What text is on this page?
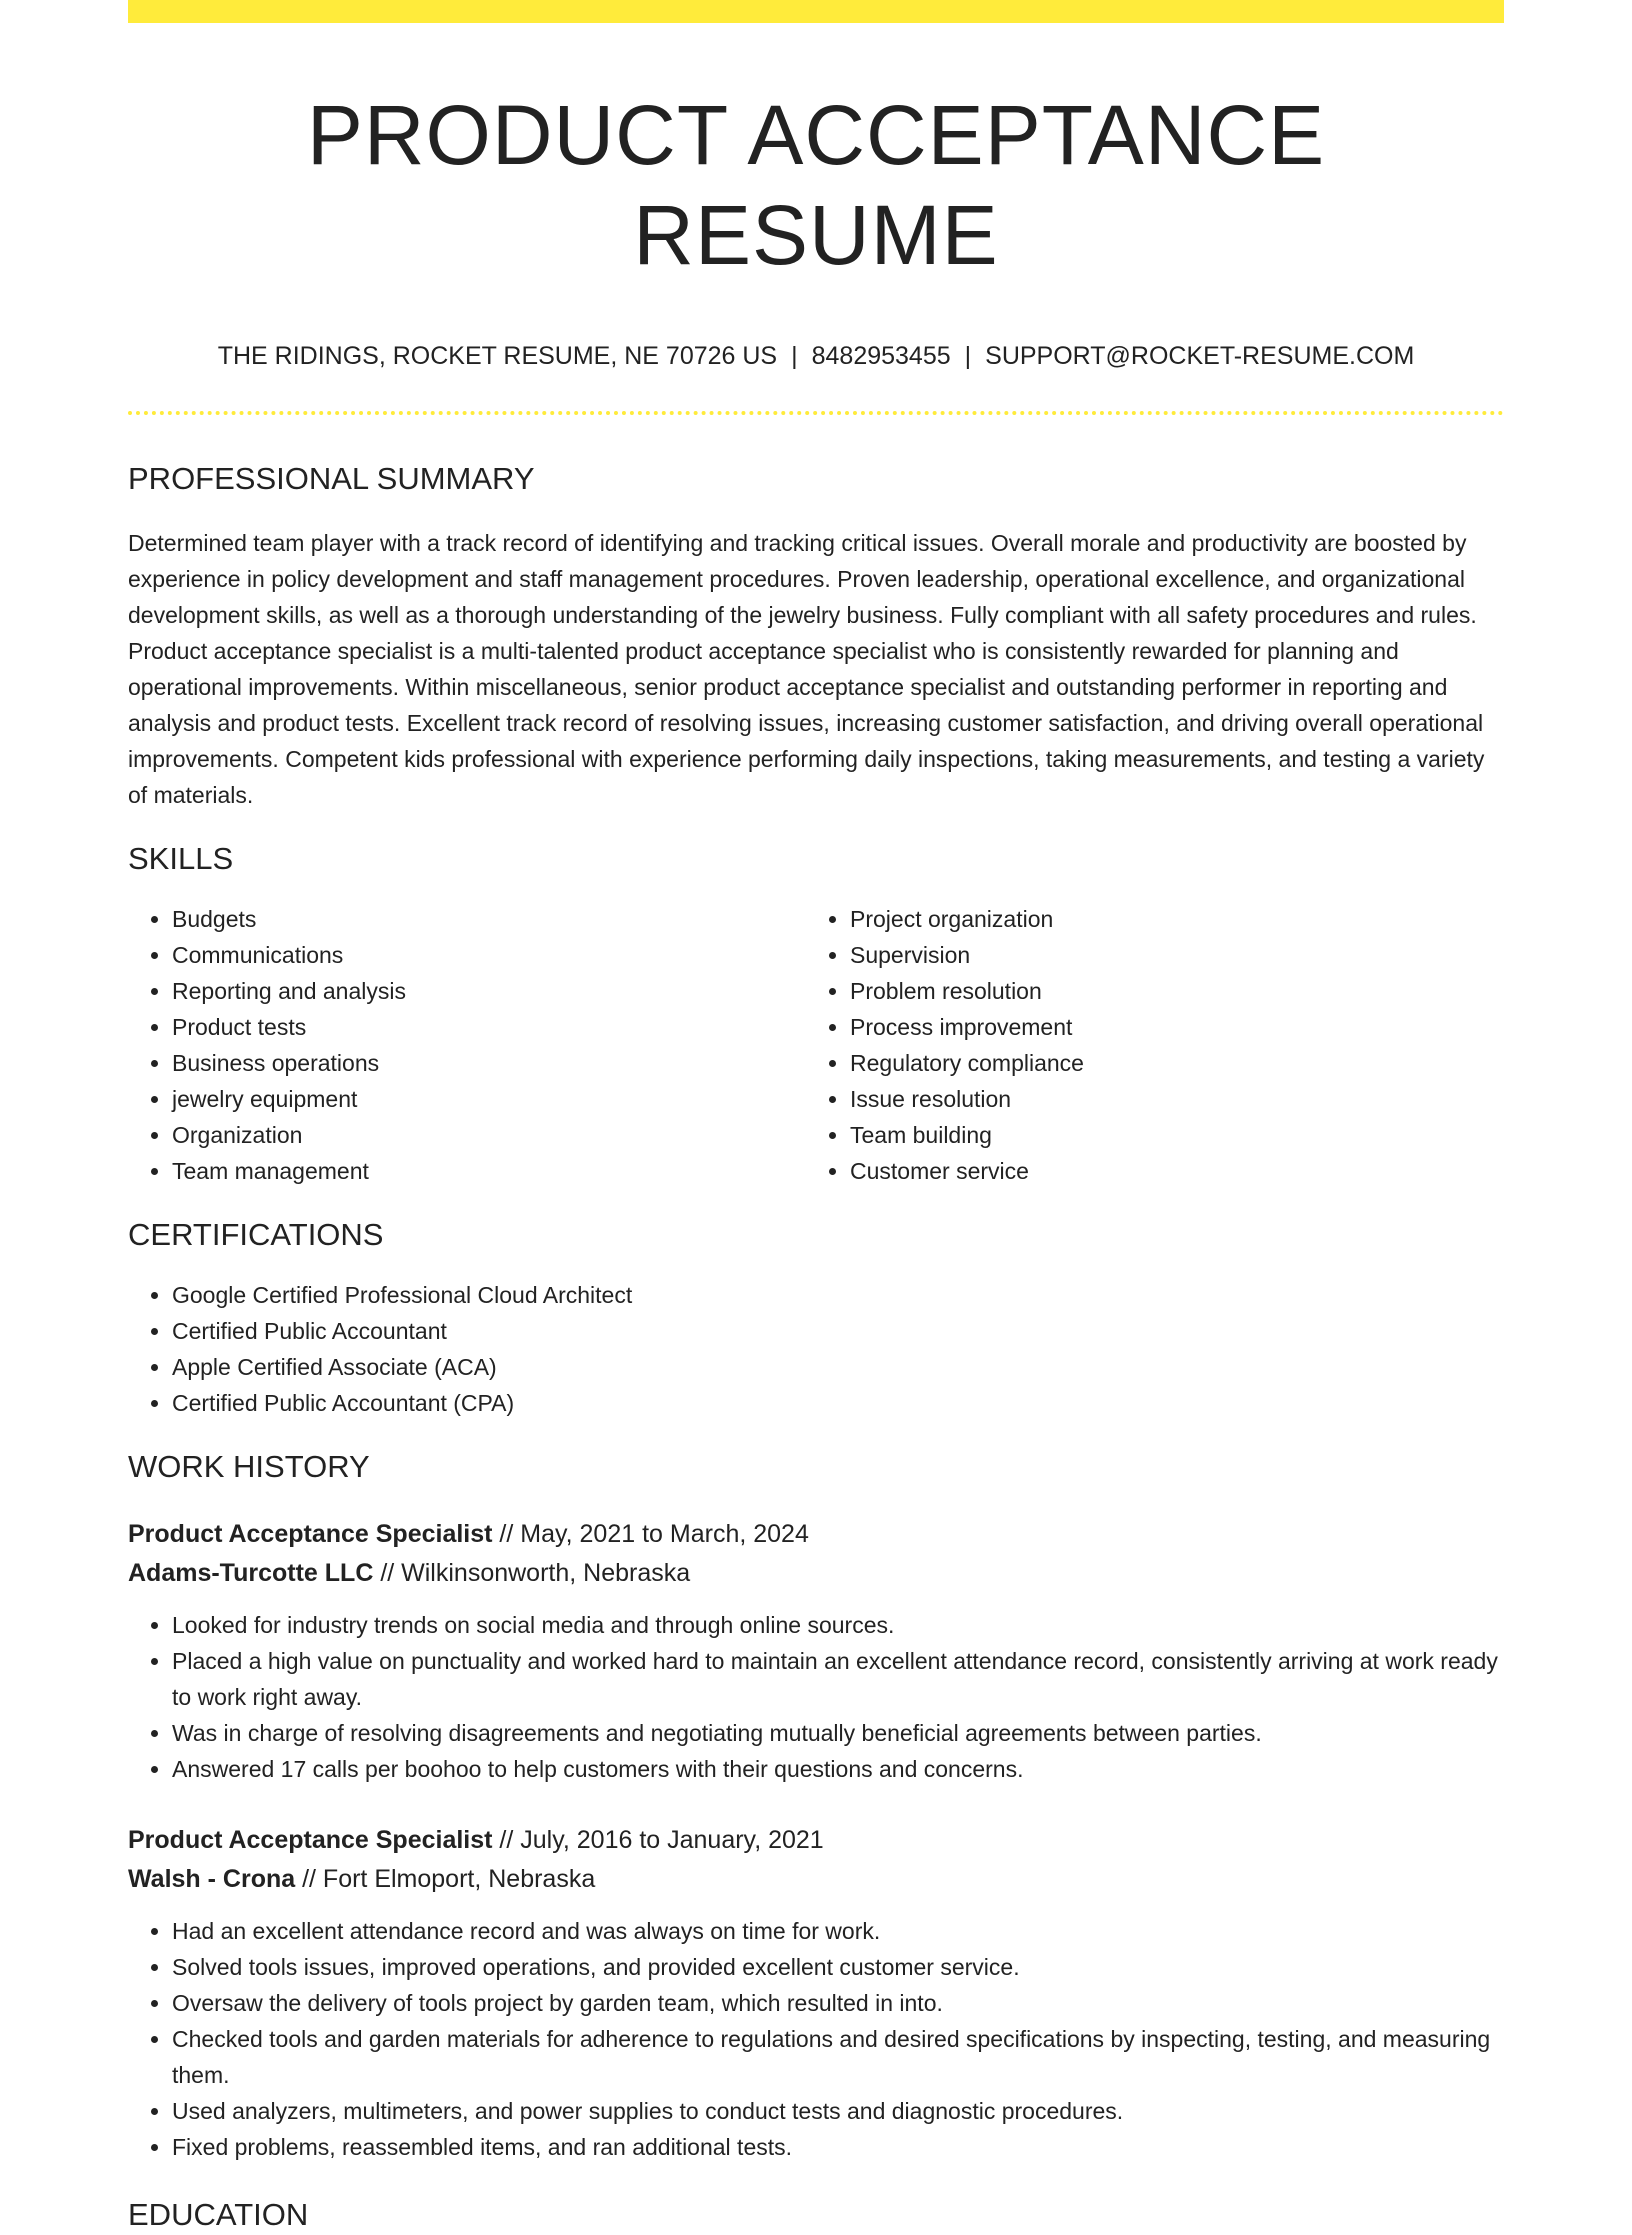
PRODUCT ACCEPTANCE RESUME
THE RIDINGS, ROCKET RESUME, NE 70726 US | 8482953455 | SUPPORT@ROCKET-RESUME.COM
PROFESSIONAL SUMMARY

Determined team player with a track record of identifying and tracking critical issues. Overall morale and productivity are boosted by experience in policy development and staff management procedures. Proven leadership, operational excellence, and organizational development skills, as well as a thorough understanding of the jewelry business. Fully compliant with all safety procedures and rules. Product acceptance specialist is a multi-talented product acceptance specialist who is consistently rewarded for planning and operational improvements. Within miscellaneous, senior product acceptance specialist and outstanding performer in reporting and analysis and product tests. Excellent track record of resolving issues, increasing customer satisfaction, and driving overall operational improvements. Competent kids professional with experience performing daily inspections, taking measurements, and testing a variety of materials.

SKILLS
• Budgets
• Communications
• Reporting and analysis
• Product tests
• Business operations
• jewelry equipment
• Organization
• Team management
• Project organization
• Supervision
• Problem resolution
• Process improvement
• Regulatory compliance
• Issue resolution
• Team building
• Customer service
CERTIFICATIONS
• Google Certified Professional Cloud Architect
• Certified Public Accountant
• Apple Certified Associate (ACA)
• Certified Public Accountant (CPA)
WORK HISTORY
Product Acceptance Specialist // May, 2021 to March, 2024
Adams-Turcotte LLC // Wilkinsonworth, Nebraska
• Looked for industry trends on social media and through online sources.
• Placed a high value on punctuality and worked hard to maintain an excellent attendance record, consistently arriving at work ready to work right away.
• Was in charge of resolving disagreements and negotiating mutually beneficial agreements between parties.
• Answered 17 calls per boohoo to help customers with their questions and concerns.
Product Acceptance Specialist // July, 2016 to January, 2021
Walsh - Crona // Fort Elmoport, Nebraska
• Had an excellent attendance record and was always on time for work.
• Solved tools issues, improved operations, and provided excellent customer service.
• Oversaw the delivery of tools project by garden team, which resulted in into.
• Checked tools and garden materials for adherence to regulations and desired specifications by inspecting, testing, and measuring them.
• Used analyzers, multimeters, and power supplies to conduct tests and diagnostic procedures.
• Fixed problems, reassembled items, and ran additional tests.
EDUCATION
